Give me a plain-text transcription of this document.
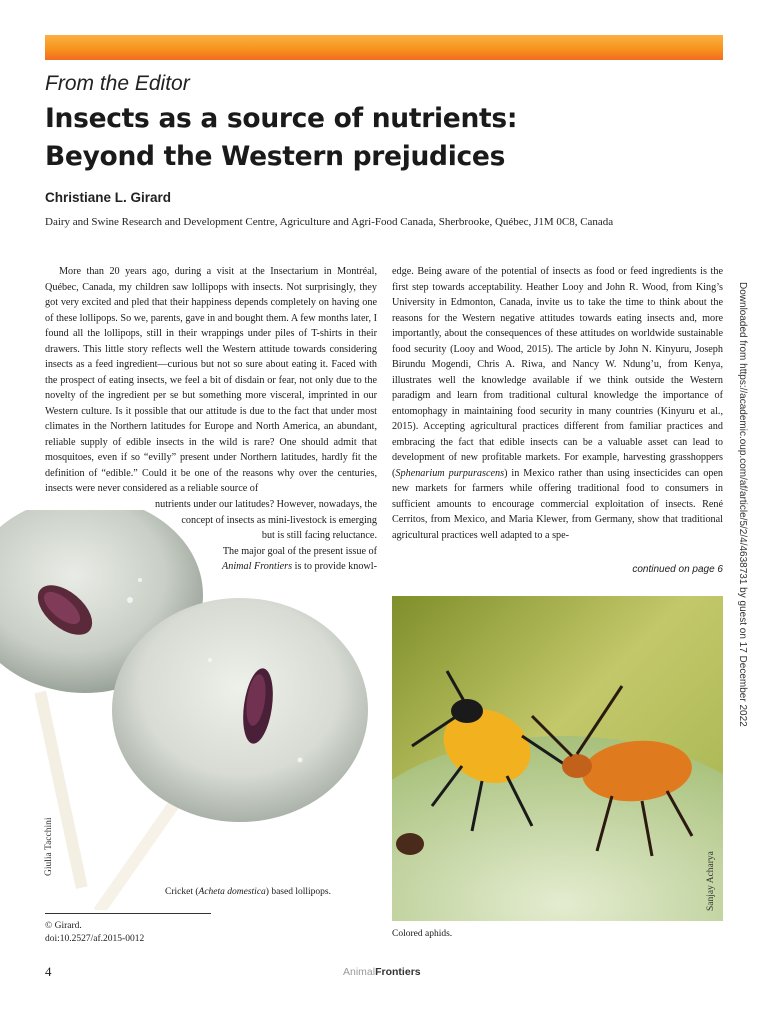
From the Editor
Insects as a source of nutrients:
Beyond the Western prejudices
Christiane L. Girard
Dairy and Swine Research and Development Centre, Agriculture and Agri-Food Canada, Sherbrooke, Québec, J1M 0C8, Canada

More than 20 years ago, during a visit at the Insectarium in Montréal, Québec, Canada, my children saw lollipops with insects. Not surprisingly, they got very excited and pled that their happiness depends completely on having one of these lollipops. So we, parents, gave in and bought them. A few months later, I found all the lollipops, still in their wrappings under piles of T-shirts in their drawers. This little story reflects well the Western attitude towards considering insects as a feed ingredient—curious but not so sure about eating it. Faced with the prospect of eating insects, we feel a bit of disdain or fear, not only due to the novelty of the ingredient per se but something more visceral, imprinted in our Western culture. Is it possible that our attitude is due to the fact that under most climates in the Northern latitudes for Europe and North America, an abundant, reliable supply of edible insects in the wild is rare? One should admit that mosquitoes, even if so “evilly” present under Northern latitudes, hardly fit the definition of “edible.” Could it be one of the reasons why over the centuries, insects were never considered as a reliable source of

nutrients under our latitudes? However, nowadays, the
concept of insects as mini-livestock is emerging
but is still facing reluctance.
The major goal of the present issue of
Animal Frontiers is to provide knowl-
edge. Being aware of the potential of insects as food or feed ingredients is the first step towards acceptability. Heather Looy and John R. Wood, from King’s University in Edmonton, Canada, invite us to take the time to think about the reasons for the Western negative attitudes towards eating insects and, more importantly, about the consequences of these attitudes on worldwide sustainable food security (Looy and Wood, 2015). The article by John N. Kinyuru, Joseph Birundu Mogendi, Chris A. Riwa, and Nancy W. Ndung’u, from Kenya, illustrates well the knowledge available if we think outside the Western paradigm and learn from traditional cultural knowledge the importance of entomophagy in maintaining food security in many countries (Kinyuru et al., 2015). Accepting agricultural practices different from familiar practices and embracing the fact that edible insects can be a valuable asset can lead to development of new profitable markets. For example, harvesting grasshoppers (Sphenarium purpurascens) in Mexico rather than using insecticides can open new markets for farmers while offering traditional food to consumers in sufficient amounts to encourage commercial exploitation of insects. René Cerritos, from Mexico, and Maria Klewer, from Germany, show that traditional agricultural practices well adapted to a spe-
continued on page 6 Downloaded from https://academic.oup.com/af/article/5/2/4/4638731 by guest on 17 December 2022
Giulia Tacchini
Cricket (Acheta domestica) based lollipops.	Sanjay Acharya
Colored aphids.
© Girard.
doi:10.2527/af.2015-0012
4	AnimalFrontiers
